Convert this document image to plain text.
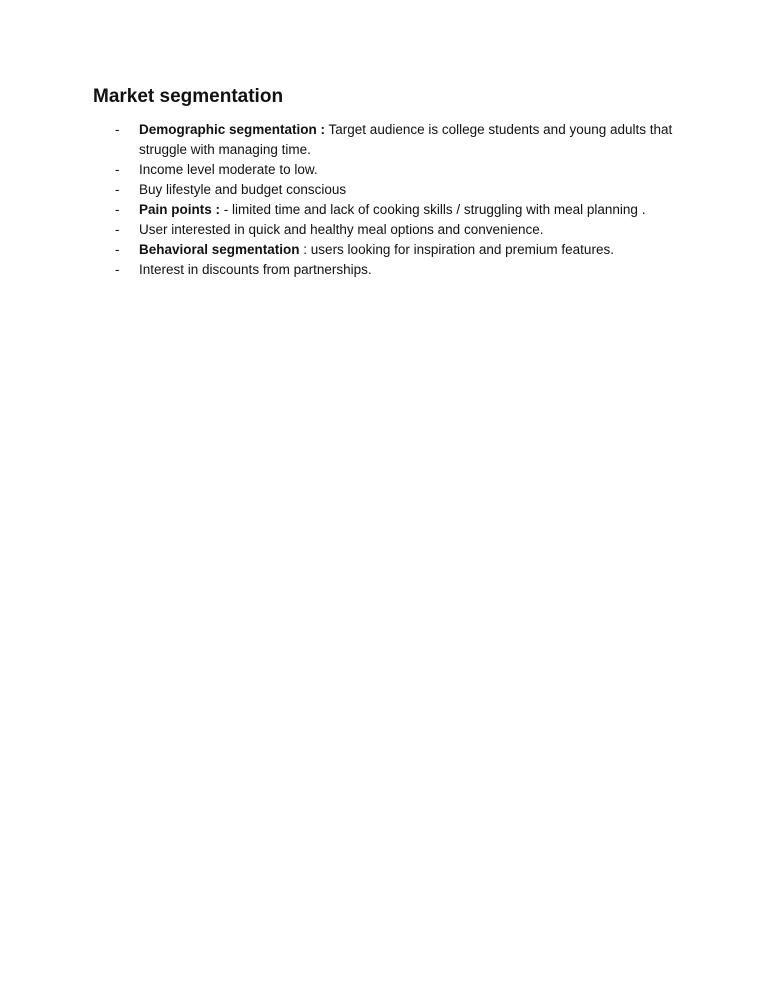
Market segmentation
- Demographic segmentation : Target audience is college students and young adults that struggle with managing time.
- Income level moderate to low.
- Buy lifestyle and budget conscious
- Pain points : - limited time and lack of cooking skills / struggling with meal planning .
- User interested in quick and healthy meal options and convenience.
- Behavioral segmentation : users looking for inspiration and premium features.
- Interest in discounts from partnerships.
